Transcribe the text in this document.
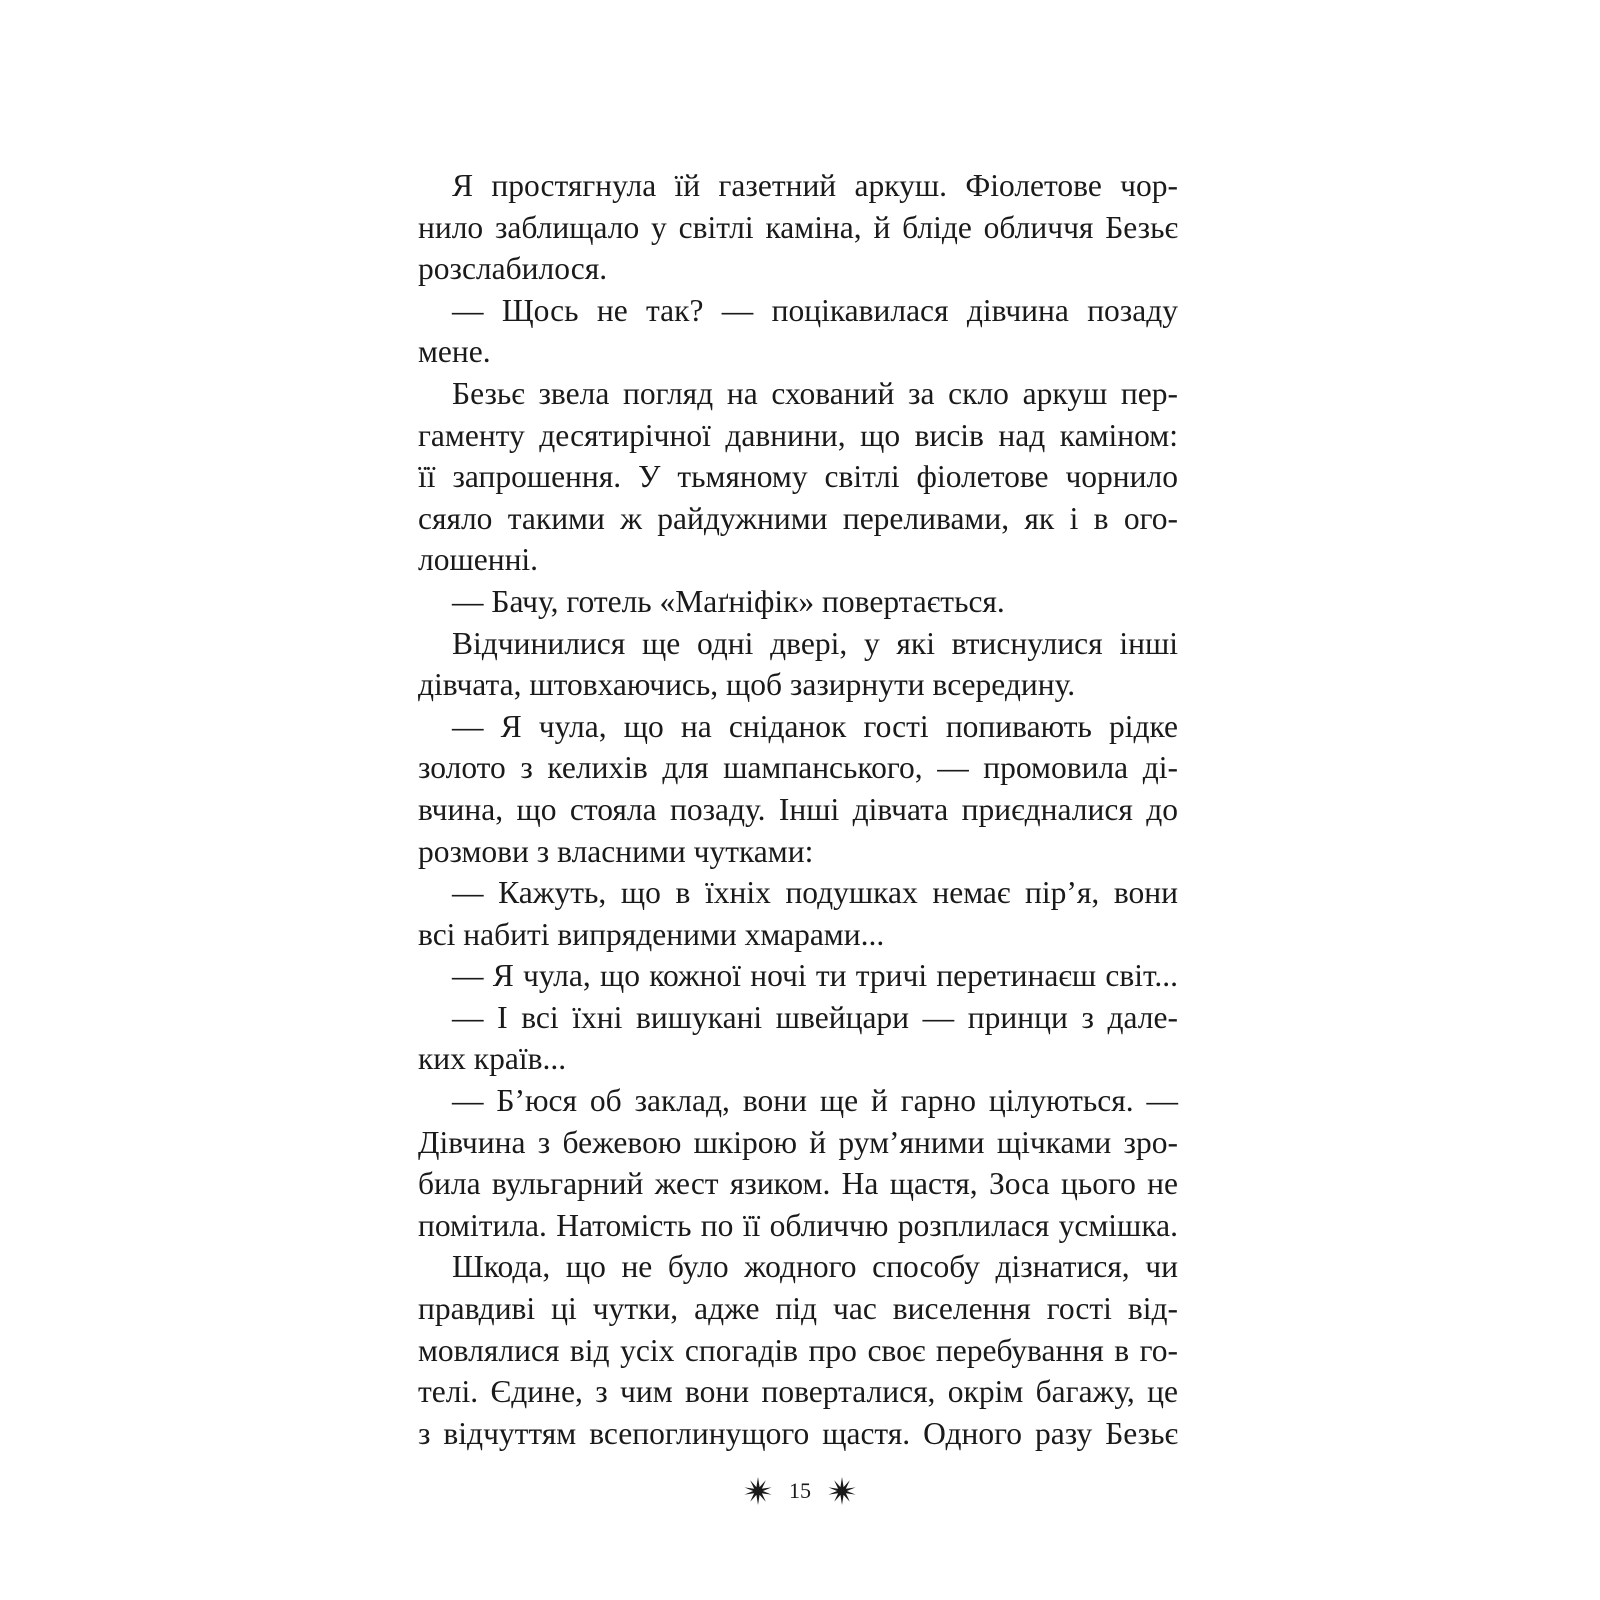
Я простягнула їй газетний аркуш. Фіолетове чор-
нило заблищало у світлі каміна, й бліде обличчя Безьє
розслабилося.
— Щось не так? — поцікавилася дівчина позаду
мене.
Безьє звела погляд на схований за скло аркуш пер-
гаменту десятирічної давнини, що висів над каміном:
її запрошення. У тьмяному світлі фіолетове чорнило
сяяло такими ж райдужними переливами, як і в ого-
лошенні.
— Бачу, готель «Маґніфік» повертається.
Відчинилися ще одні двері, у які втиснулися інші
дівчата, штовхаючись, щоб зазирнути всередину.
— Я чула, що на сніданок гості попивають рідке
золото з келихів для шампанського, — промовила ді-
вчина, що стояла позаду. Інші дівчата приєдналися до
розмови з власними чутками:
— Кажуть, що в їхніх подушках немає пір’я, вони
всі набиті випряденими хмарами...
— Я чула, що кожної ночі ти тричі перетинаєш світ...
— І всі їхні вишукані швейцари — принци з дале-
ких країв...
— Б’юся об заклад, вони ще й гарно цілуються. —
Дівчина з бежевою шкірою й рум’яними щічками зро-
била вульгарний жест язиком. На щастя, Зоса цього не
помітила. Натомість по її обличчю розплилася усмішка.
Шкода, що не було жодного способу дізнатися, чи
правдиві ці чутки, адже під час виселення гості від-
мовлялися від усіх спогадів про своє перебування в го-
телі. Єдине, з чим вони поверталися, окрім багажу, це
з відчуттям всепоглинущого щастя. Одного разу Безьє
15
